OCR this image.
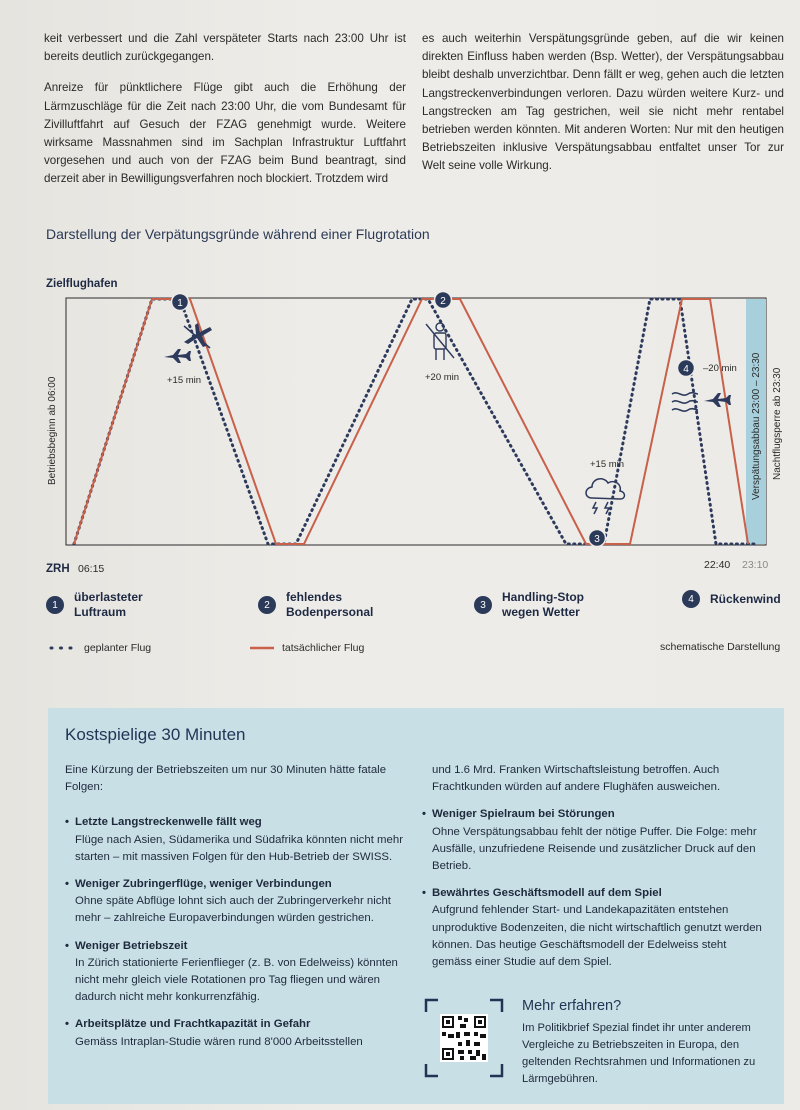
keit verbessert und die Zahl verspäteter Starts nach 23:00 Uhr ist bereits deutlich zurückgegangen.

Anreize für pünktlichere Flüge gibt auch die Erhöhung der Lärmzuschläge für die Zeit nach 23:00 Uhr, die vom Bundesamt für Zivilluftfahrt auf Gesuch der FZAG genehmigt wurde. Weitere wirksame Massnahmen sind im Sachplan Infrastruktur Luftfahrt vorgesehen und auch von der FZAG beim Bund beantragt, sind derzeit aber in Bewilligungsverfahren noch blockiert. Trotzdem wird

es auch weiterhin Verspätungsgründe geben, auf die wir keinen direkten Einfluss haben werden (Bsp. Wetter), der Verspätungsabbau bleibt deshalb unverzichtbar. Denn fällt er weg, gehen auch die letzten Langstreckenverbindungen verloren. Dazu würden weitere Kurz- und Langstrecken am Tag gestrichen, weil sie nicht mehr rentabel betrieben werden könnten. Mit anderen Worten: Nur mit den heutigen Betriebszeiten inklusive Verspätungsabbau entfaltet unser Tor zur Welt seine volle Wirkung.

Darstellung der Verpätungsgründe während einer Flugrotation
Zielflughafen
Betriebsbeginn ab 06:00	Verspätungsabbau 23:00 – 23:30 Nachtflugsperre ab 23:30
+15 min	+20 min
+15 min
–20 min
1	2
3
4
ZRH 06:15	22:40 23:10
1
überlasteter
Luftraum	2
fehlendes
Bodenpersonal	3
Handling-Stop
wegen Wetter
4	Rückenwind
geplanter Flug	tatsächlicher Flug	schematische Darstellung
Kostspielige 30 Minuten

Eine Kürzung der Betriebszeiten um nur 30 Minuten hätte fatale Folgen:

• Letzte Langstreckenwelle fällt weg
Flüge nach Asien, Südamerika und Südafrika könnten nicht mehr starten – mit massiven Folgen für den Hub-Betrieb der SWISS.
• Weniger Zubringerflüge, weniger Verbindungen
Ohne späte Abflüge lohnt sich auch der Zubringerverkehr nicht mehr – zahlreiche Europaverbindungen würden gestrichen.
• Weniger Betriebszeit
In Zürich stationierte Ferienflieger (z. B. von Edelweiss) könnten nicht mehr gleich viele Rotationen pro Tag fliegen und wären dadurch nicht mehr konkurrenzfähig.
• Arbeitsplätze und Frachtkapazität in Gefahr
Gemäss Intraplan-Studie wären rund 8'000 Arbeitsstellen

und 1.6 Mrd. Franken Wirtschaftsleistung betroffen. Auch Frachtkunden würden auf andere Flughäfen ausweichen.

• Weniger Spielraum bei Störungen
Ohne Verspätungsabbau fehlt der nötige Puffer. Die Folge: mehr Ausfälle, unzufriedene Reisende und zusätzlicher Druck auf den Betrieb.
• Bewährtes Geschäftsmodell auf dem Spiel
Aufgrund fehlender Start- und Landekapazitäten entstehen unproduktive Bodenzeiten, die nicht wirtschaftlich genutzt werden können. Das heutige Geschäftsmodell der Edelweiss steht gemäss einer Studie auf dem Spiel.
Mehr erfahren?
Im Politikbrief Spezial findet ihr unter anderem Vergleiche zu Betriebszeiten in Europa, den geltenden Rechtsrahmen und Informationen zu Lärmgebühren.
